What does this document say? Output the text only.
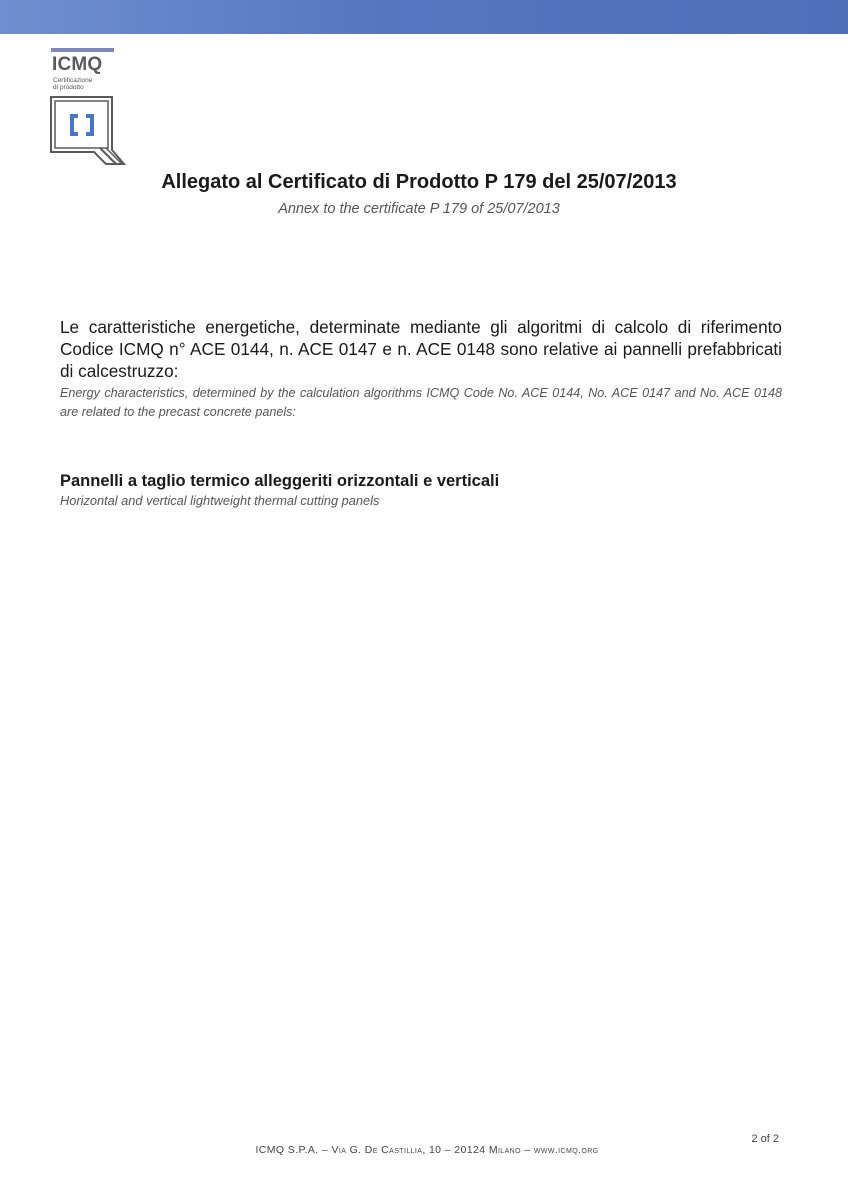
ICMQ
Certificazione
di prodotto
Allegato al Certificato di Prodotto P 179 del 25/07/2013
Annex to the certificate P 179 of 25/07/2013
Le caratteristiche energetiche, determinate mediante gli algoritmi di calcolo di riferimento Codice ICMQ n° ACE 0144, n. ACE 0147 e n. ACE 0148 sono relative ai pannelli prefabbricati di calcestruzzo:
Energy characteristics, determined by the calculation algorithms ICMQ Code No. ACE 0144, No. ACE 0147 and No. ACE 0148 are related to the precast concrete panels:
Pannelli a taglio termico alleggeriti orizzontali e verticali
Horizontal and vertical lightweight thermal cutting panels
2 of 2
ICMQ S.P.A. – Via G. De Castillia, 10 – 20124 Milano – www.icmq.org
